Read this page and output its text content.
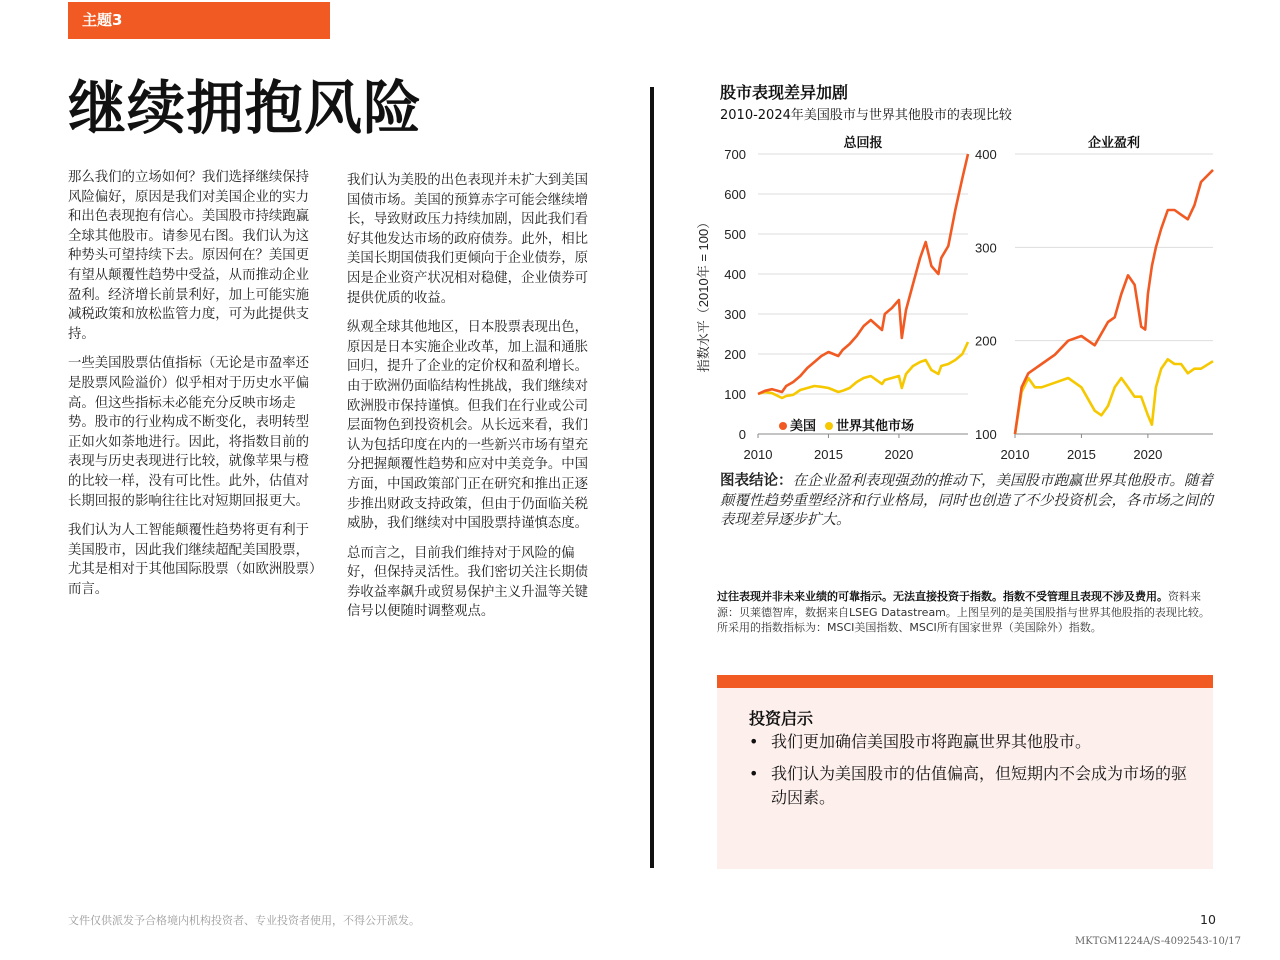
主题3
继续拥抱风险

那么我们的立场如何？我们选择继续保持风险偏好，原因是我们对美国企业的实力和出色表现抱有信心。美国股市持续跑赢全球其他股市。请参见右图。我们认为这种势头可望持续下去。原因何在？美国更有望从颠覆性趋势中受益，从而推动企业盈利。经济增长前景利好，加上可能实施减税政策和放松监管力度，可为此提供支持。

一些美国股票估值指标（无论是市盈率还是股票风险溢价）似乎相对于历史水平偏高。但这些指标未必能充分反映市场走势。股市的行业构成不断变化，表明转型正如火如荼地进行。因此，将指数目前的表现与历史表现进行比较，就像苹果与橙的比较一样，没有可比性。此外，估值对长期回报的影响往往比对短期回报更大。

我们认为人工智能颠覆性趋势将更有利于美国股市，因此我们继续超配美国股票，尤其是相对于其他国际股票（如欧洲股票）而言。

我们认为美股的出色表现并未扩大到美国国债市场。美国的预算赤字可能会继续增长，导致财政压力持续加剧，因此我们看好其他发达市场的政府债券。此外，相比美国长期国债我们更倾向于企业债券，原因是企业资产状况相对稳健，企业债券可提供优质的收益。

纵观全球其他地区，日本股票表现出色，原因是日本实施企业改革，加上温和通胀回归，提升了企业的定价权和盈利增长。由于欧洲仍面临结构性挑战，我们继续对欧洲股市保持谨慎。但我们在行业或公司层面物色到投资机会。从长远来看，我们认为包括印度在内的一些新兴市场有望充分把握颠覆性趋势和应对中美竞争。中国方面，中国政策部门正在研究和推出正逐步推出财政支持政策，但由于仍面临关税威胁，我们继续对中国股票持谨慎态度。

总而言之，目前我们维持对于风险的偏好，但保持灵活性。我们密切关注长期债券收益率飙升或贸易保护主义升温等关键信号以便随时调整观点。

股市表现差异加剧
2010-2024年美国股市与世界其他股市的表现比较
总回报
0
100
200
300
400
500
600
700
2010	2015	2020
企业盈利
100
200
300
400
2010	2015	2020
指数水平（2010年 = 100）
美国 世界其他市场
图表结论：在企业盈利表现强劲的推动下，美国股市跑赢世界其他股市。随着颠覆性趋势重塑经济和行业格局，同时也创造了不少投资机会，各市场之间的表现差异逐步扩大。
过往表现并非未来业绩的可靠指示。无法直接投资于指数。指数不受管理且表现不涉及费用。资料来源：贝莱德智库，数据来自LSEG Datastream。上图呈列的是美国股指与世界其他股指的表现比较。所采用的指数指标为：MSCI美国指数、MSCI所有国家世界（美国除外）指数。
投资启示
• 我们更加确信美国股市将跑赢世界其他股市。
• 我们认为美国股市的估值偏高，但短期内不会成为市场的驱动因素。
文件仅供派发予合格境内机构投资者、专业投资者使用，不得公开派发。	10
MKTGM1224A/S-4092543-10/17
